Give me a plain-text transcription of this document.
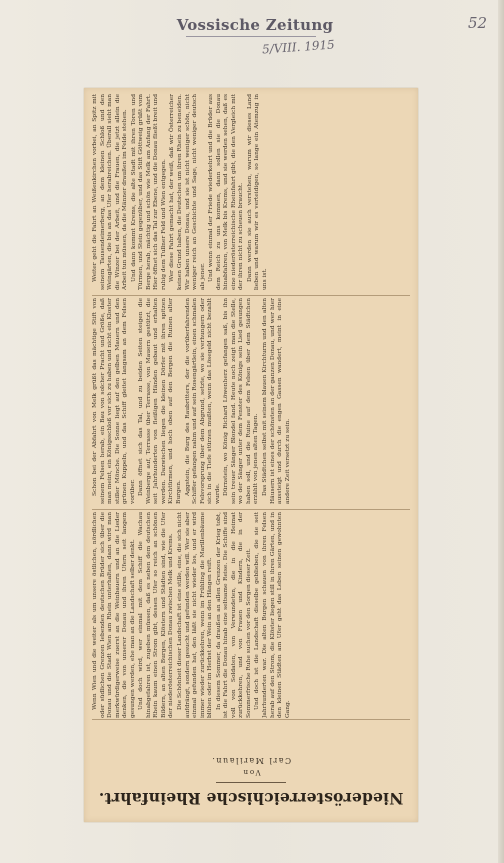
Vossische Zeitung
5/VIII. 1915
52
Niederösterreichische Rheinfahrt.
Von
Carl Marilaun.

Wenn Wien und die weiter als um unsere östlichen, nördlichen oder südlichen Grenzen lebenden deutschen Brüder sich über die Donau und die Stadt Wien am Rhein unterhalten, dann wird man merkwürdigerweise zuerst an die Weinbauern und an die Lieder denken, die von unserer Donau und ihren Ufern seit langem gesungen werden, ehe man an die Landschaft selber denkt. Und doch wird, wer einmal mit dem Schiff die Wachau hinabgefahren ist, zugeben müssen, daß es neben dem deutschen Rhein kaum einen Strom gibt, dessen Ufer so reich an schönen Bildern, an alten Burgen, Klöstern und Städten sind, wie die Ufer der niederösterreichischen Donau zwischen Melk und Krems. Die Schönheit dieser Landschaft ist eine stille, eine, die sich nicht aufdrängt, sondern gesucht und gefunden werden will. Wer sie aber einmal gefunden hat, den läßt sie nicht wieder los, und er wird immer wieder zurückkehren, wenn im Frühling die Marillenbäume blühen oder im Herbst der Wein an den Hängen reift. In diesem Sommer, da draußen an allen Grenzen der Krieg tobt, ist die Fahrt die Donau hinab eine seltsame Reise. Die Schiffe sind voll von Soldaten, von Verwundeten, die in die Heimat zurückkehren, und von Frauen und Kindern, die in der Sommerfrische Ruhe suchen vor den Sorgen dieser Zeit. Und doch ist die Landschaft dieselbe geblieben, die sie seit Jahrhunderten war. Die alten Burgen schauen von ihren Felsen herab auf den Strom, die Klöster liegen still in ihren Gärten, und in den kleinen Städten am Ufer geht das Leben seinen gewohnten Gang.

Schon bei der Abfahrt von Melk grüßt das mächtige Stift von seinem Felsen herab, ein Bau von solcher Pracht und Größe, daß man meint, ein Königsschloß vor sich zu haben und nicht ein Kloster stiller Mönche. Die Sonne liegt auf den gelben Mauern und den grünen Kuppeln, und das Schiff gleitet langsam an dem Felsen vorüber. Dann öffnet sich das Tal, und zu beiden Seiten steigen die Weinberge auf, Terrasse über Terrasse, von Mauern gestützt, die seit Jahrhunderten von fleißigen Händen gebaut und erhalten werden. Dazwischen liegen die kleinen Dörfer mit ihren spitzen Kirchtürmen, und hoch oben auf den Bergen die Ruinen alter Burgen. Aggstein, die Burg des Raubritters, der die vorüberfahrenden Schiffer gefangen nahm und auf sein Rosengärtlein, einen schmalen Felsvorsprung über dem Abgrund, setzte, wo sie verhungern oder sich in die Tiefe stürzen mußten, wenn das Lösegeld nicht bezahlt wurde. Dürnstein, wo König Richard Löwenherz gefangen saß, bis ihn sein treuer Sänger Blondel fand. Heute noch zeigt man die Stelle, wo der Sänger unter dem Fenster des Königs sein Lied gesungen haben soll, und die Ruine auf dem Felsen über dem Städtchen erzählt von jenen alten Tagen. Das Städtchen selbst mit seinem blauen Kirchturm und den alten Häusern ist eines der schönsten an der ganzen Donau, und wer hier aussteigt und durch die engen Gassen wandert, meint in eine andere Zeit versetzt zu sein.

Weiter geht die Fahrt an Weißenkirchen vorbei, an Spitz mit seinem Tausendeimerberg, an dem kleinen Schloß und den Weingärten, die bis an das Ufer herabreichen. Überall sieht man die Winzer bei der Arbeit, und die Frauen, die jetzt allein die Arbeit tun müssen, da die Männer draußen im Felde stehen. Und dann kommt Krems, die alte Stadt mit ihren Toren und Türmen, und Stein gegenüber, und das Stift Göttweig grüßt vom Berge herab, mächtig und schön wie Melk am Anfang der Fahrt. Hier öffnet sich das Tal zur Ebene, und die Donau fließt breit und ruhig dem Tullner Feld und Wien entgegen. Wer diese Fahrt gemacht hat, der weiß, daß wir Österreicher keinen Grund haben, die Deutschen um ihren Rhein zu beneiden. Wir haben unsere Donau, und sie ist nicht weniger schön, nicht weniger reich an Geschichte und Sage, nicht weniger deutsch als jener. Und wenn einmal der Friede wiederkehrt und die Brüder aus dem Reich zu uns kommen, dann sollen sie die Donau hinabfahren, von Melk bis Krems, und sie werden sehen, daß es eine niederösterreichische Rheinfahrt gibt, die den Vergleich mit der ihren nicht zu scheuen braucht. Dann werden sie auch verstehen, warum wir dieses Land lieben und warum wir es verteidigen, so lange ein Atemzug in uns ist.
